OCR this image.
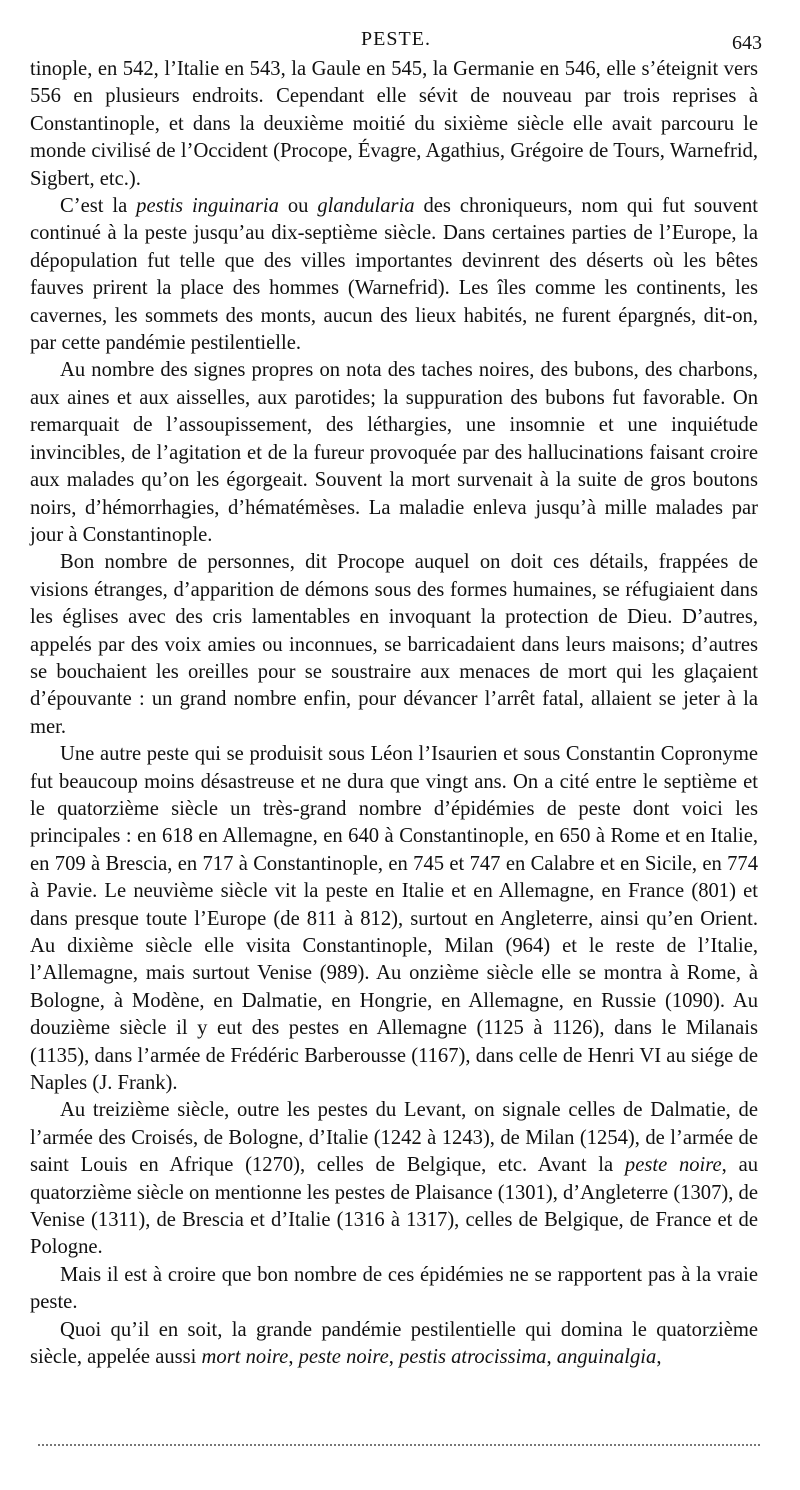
PESTE.	643

tinople, en 542, l’Italie en 543, la Gaule en 545, la Germanie en 546, elle s’éteignit vers 556 en plusieurs endroits. Cependant elle sévit de nouveau par trois reprises à Constantinople, et dans la deuxième moitié du sixième siècle elle avait parcouru le monde civilisé de l’Occident (Procope, Évagre, Agathius, Grégoire de Tours, Warnefrid, Sigbert, etc.).

C’est la pestis inguinaria ou glandularia des chroniqueurs, nom qui fut souvent continué à la peste jusqu’au dix-septième siècle. Dans certaines parties de l’Europe, la dépopulation fut telle que des villes importantes devinrent des déserts où les bêtes fauves prirent la place des hommes (Warnefrid). Les îles comme les continents, les cavernes, les sommets des monts, aucun des lieux habités, ne furent épargnés, dit-on, par cette pandémie pestilentielle.

Au nombre des signes propres on nota des taches noires, des bubons, des charbons, aux aines et aux aisselles, aux parotides; la suppuration des bubons fut favorable. On remarquait de l’assoupissement, des léthargies, une insomnie et une inquiétude invincibles, de l’agitation et de la fureur provoquée par des hallucinations faisant croire aux malades qu’on les égorgeait. Souvent la mort survenait à la suite de gros boutons noirs, d’hémorrhagies, d’hématémèses. La maladie enleva jusqu’à mille malades par jour à Constantinople.

Bon nombre de personnes, dit Procope auquel on doit ces détails, frappées de visions étranges, d’apparition de démons sous des formes humaines, se réfugiaient dans les églises avec des cris lamentables en invoquant la protection de Dieu. D’autres, appelés par des voix amies ou inconnues, se barricadaient dans leurs maisons; d’autres se bouchaient les oreilles pour se soustraire aux menaces de mort qui les glaçaient d’épouvante : un grand nombre enfin, pour dévancer l’arrêt fatal, allaient se jeter à la mer.

Une autre peste qui se produisit sous Léon l’Isaurien et sous Constantin Copronyme fut beaucoup moins désastreuse et ne dura que vingt ans. On a cité entre le septième et le quatorzième siècle un très-grand nombre d’épidémies de peste dont voici les principales : en 618 en Allemagne, en 640 à Constantinople, en 650 à Rome et en Italie, en 709 à Brescia, en 717 à Constantinople, en 745 et 747 en Calabre et en Sicile, en 774 à Pavie. Le neuvième siècle vit la peste en Italie et en Allemagne, en France (801) et dans presque toute l’Europe (de 811 à 812), surtout en Angleterre, ainsi qu’en Orient. Au dixième siècle elle visita Constantinople, Milan (964) et le reste de l’Italie, l’Allemagne, mais surtout Venise (989). Au onzième siècle elle se montra à Rome, à Bologne, à Modène, en Dalmatie, en Hongrie, en Allemagne, en Russie (1090). Au douzième siècle il y eut des pestes en Allemagne (1125 à 1126), dans le Milanais (1135), dans l’armée de Frédéric Barberousse (1167), dans celle de Henri VI au siége de Naples (J. Frank).

Au treizième siècle, outre les pestes du Levant, on signale celles de Dalmatie, de l’armée des Croisés, de Bologne, d’Italie (1242 à 1243), de Milan (1254), de l’armée de saint Louis en Afrique (1270), celles de Belgique, etc. Avant la peste noire, au quatorzième siècle on mentionne les pestes de Plaisance (1301), d’Angleterre (1307), de Venise (1311), de Brescia et d’Italie (1316 à 1317), celles de Belgique, de France et de Pologne.

Mais il est à croire que bon nombre de ces épidémies ne se rapportent pas à la vraie peste.

Quoi qu’il en soit, la grande pandémie pestilentielle qui domina le quatorzième siècle, appelée aussi mort noire, peste noire, pestis atrocissima, anguinalgia,
